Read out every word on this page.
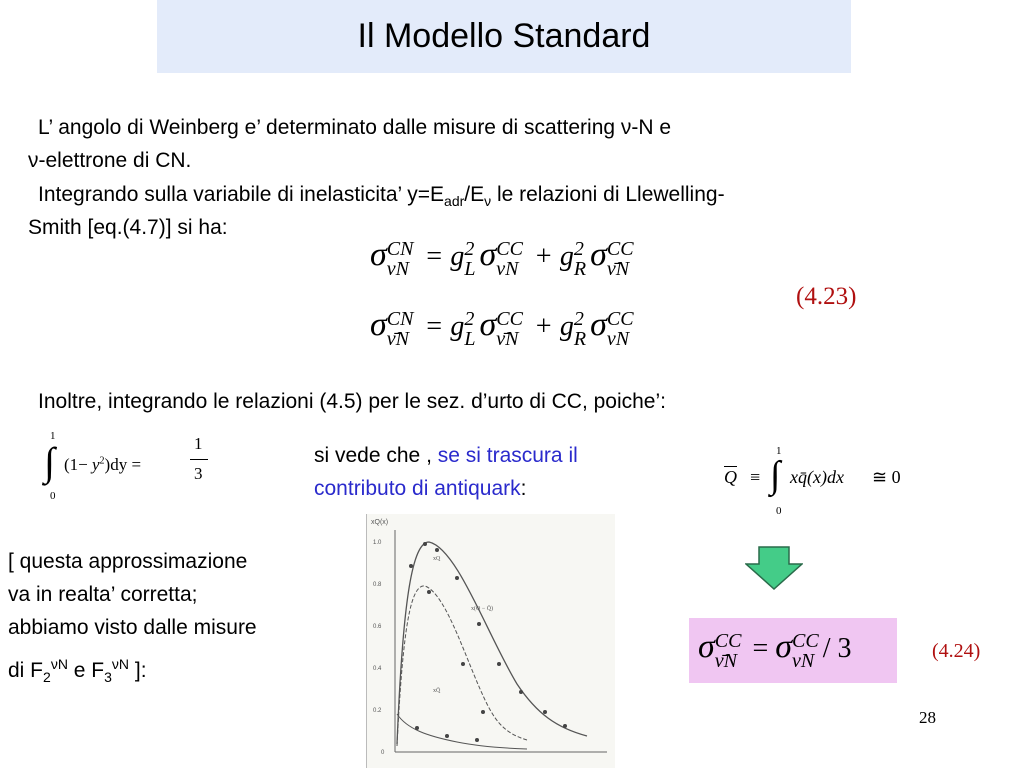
Il Modello Standard
L’ angolo di Weinberg e’ determinato dalle misure di scattering ν-N e
ν-elettrone di CN.
Integrando sulla variabile di inelasticita’ $y=E_{adr}/E_\nu$ le relazioni di Llewelling-
Smith [eq.(4.7)] si ha:
σ CN
νN = g 2
L σ CC
νN + g 2
R σ CC
ν̄N
σ CN
ν̄N = g 2
L σ CC
ν̄N + g 2
R σ CC
νN
(4.23)
Inoltre, integrando le relazioni (4.5) per le sez. d’urto di CC, poiche’:
1
∫
0
$(1- y^2)dy$ =
1
3
si vede che , se si trascura il
contributo di antiquark:	$\overline{Q}$ ≡
1
∫
0
xq̄(x)dx ≅ 0
[ questa approssimazione
va in realta’ corretta;
abbiamo visto dalle misure
di $F_2^{\nu N}$ e $F_3^{\nu N}$ ]:
xQ(x)
1.0
0.8
0.6
0.4
0.2
0
xQ
x(Q − Q̄)
xQ̄
σ CC
ν̄N = σ CC
νN / 3	(4.24)
28
